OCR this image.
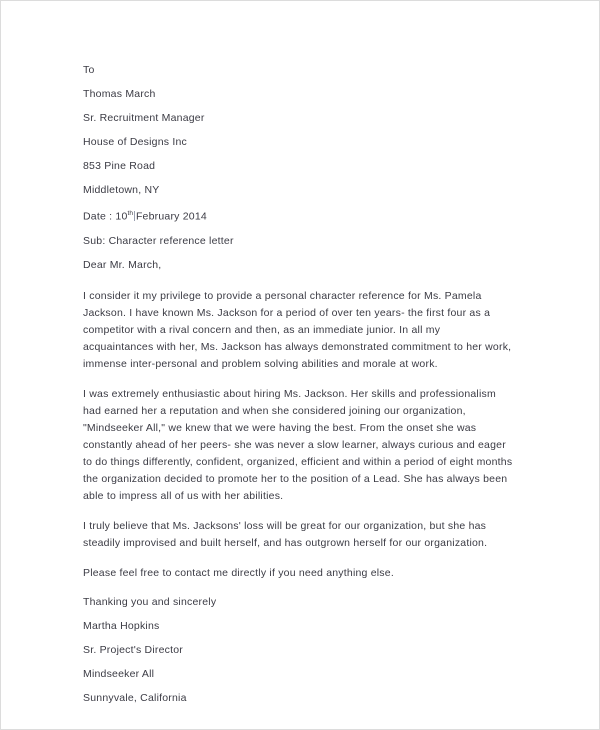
To
Thomas March
Sr. Recruitment Manager
House of Designs Inc
853 Pine Road
Middletown, NY
Date : 10th February 2014
Sub: Character reference letter
Dear Mr. March,

I consider it my privilege to provide a personal character reference for Ms. Pamela Jackson. I have known Ms. Jackson for a period of over ten years- the first four as a competitor with a rival concern and then, as an immediate junior. In all my acquaintances with her, Ms. Jackson has always demonstrated commitment to her work, immense inter-personal and problem solving abilities and morale at work.

I was extremely enthusiastic about hiring Ms. Jackson. Her skills and professionalism had earned her a reputation and when she considered joining our organization, "Mindseeker All," we knew that we were having the best. From the onset she was constantly ahead of her peers- she was never a slow learner, always curious and eager to do things differently, confident, organized, efficient and within a period of eight months the organization decided to promote her to the position of a Lead. She has always been able to impress all of us with her abilities.

I truly believe that Ms. Jacksons' loss will be great for our organization, but she has steadily improvised and built herself, and has outgrown herself for our organization.

Please feel free to contact me directly if you need anything else.

Thanking you and sincerely
Martha Hopkins
Sr. Project's Director
Mindseeker All
Sunnyvale, California
